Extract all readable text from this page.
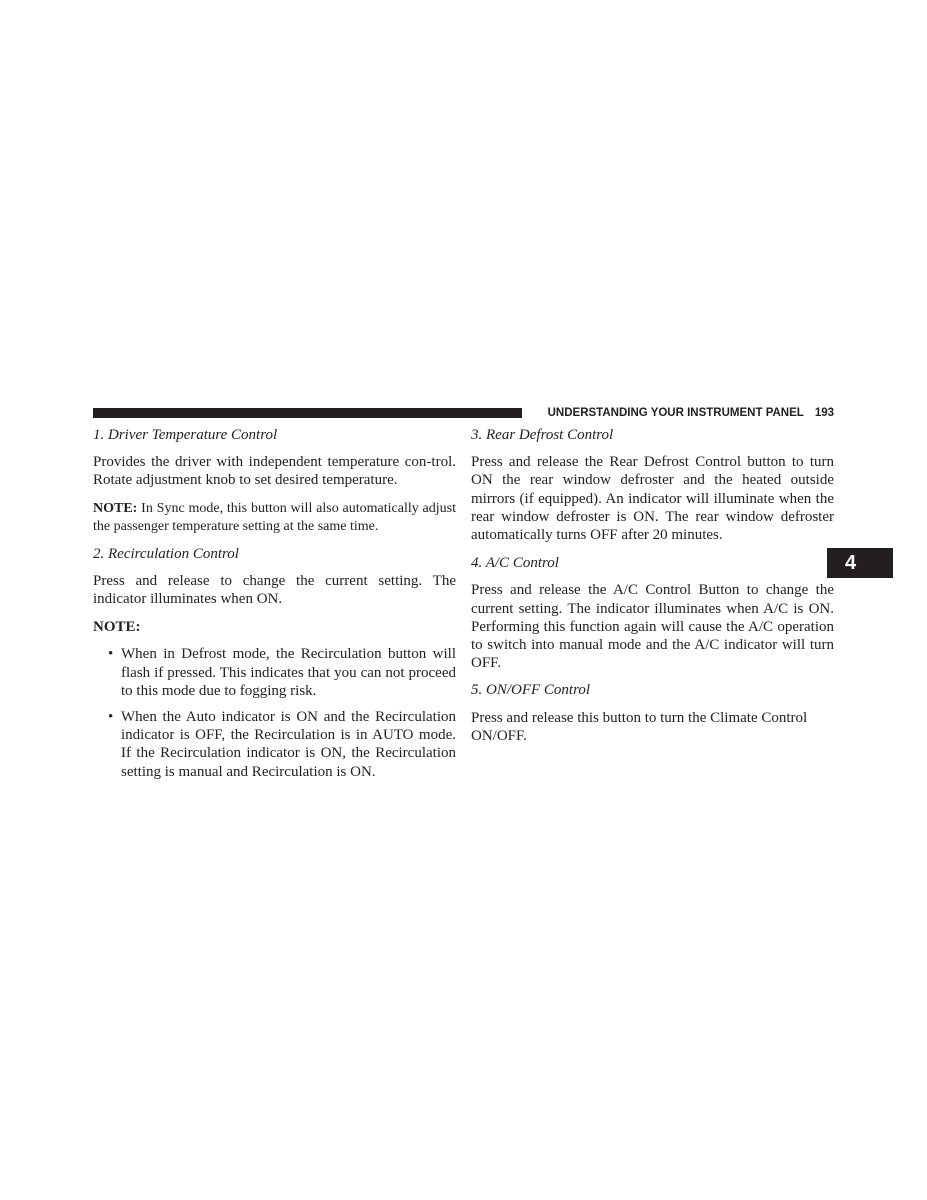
UNDERSTANDING YOUR INSTRUMENT PANEL 193
4
1. Driver Temperature Control

Provides the driver with independent temperature con-trol. Rotate adjustment knob to set desired temperature.

NOTE: In Sync mode, this button will also automatically adjust the passenger temperature setting at the same time.

2. Recirculation Control

Press and release to change the current setting. The indicator illuminates when ON.

NOTE:

• When in Defrost mode, the Recirculation button will flash if pressed. This indicates that you can not proceed to this mode due to fogging risk.
• When the Auto indicator is ON and the Recirculation indicator is OFF, the Recirculation is in AUTO mode. If the Recirculation indicator is ON, the Recirculation setting is manual and Recirculation is ON.
3. Rear Defrost Control

Press and release the Rear Defrost Control button to turn ON the rear window defroster and the heated outside mirrors (if equipped). An indicator will illuminate when the rear window defroster is ON. The rear window defroster automatically turns OFF after 20 minutes.

4. A/C Control

Press and release the A/C Control Button to change the current setting. The indicator illuminates when A/C is ON. Performing this function again will cause the A/C operation to switch into manual mode and the A/C indicator will turn OFF.

5. ON/OFF Control

Press and release this button to turn the Climate Control ON/OFF.
